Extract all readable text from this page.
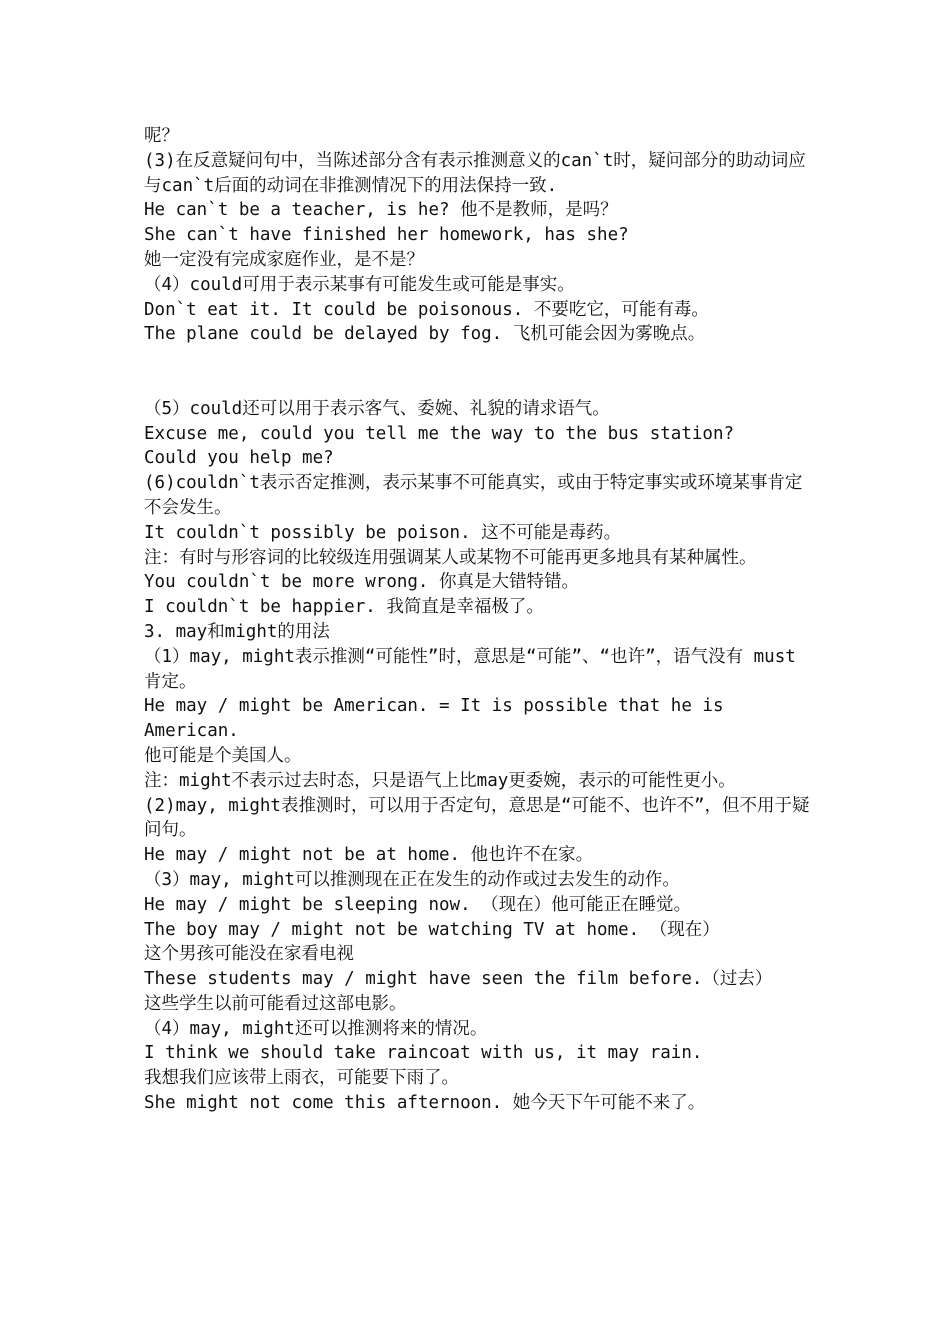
呢？

(3)在反意疑问句中，当陈述部分含有表示推测意义的can`t时，疑问部分的助动词应与can`t后面的动词在非推测情况下的用法保持一致.

He can`t be a teacher, is he? 他不是教师，是吗？

She can`t have finished her homework, has she?

她一定没有完成家庭作业，是不是？

（4）could可用于表示某事有可能发生或可能是事实。

Don`t eat it. It could be poisonous. 不要吃它，可能有毒。

The plane could be delayed by fog. 飞机可能会因为雾晚点。

（5）could还可以用于表示客气、委婉、礼貌的请求语气。

Excuse me, could you tell me the way to the bus station?

Could you help me?

(6)couldn`t表示否定推测，表示某事不可能真实，或由于特定事实或环境某事肯定不会发生。

It couldn`t possibly be poison. 这不可能是毒药。

注：有时与形容词的比较级连用强调某人或某物不可能再更多地具有某种属性。

You couldn`t be more wrong. 你真是大错特错。

I couldn`t be happier. 我简直是幸福极了。

3. may和might的用法

（1）may, might表示推测“可能性”时，意思是“可能”、“也许”，语气没有 must肯定。

He may / might be American. = It is possible that he is American.

他可能是个美国人。

注：might不表示过去时态，只是语气上比may更委婉，表示的可能性更小。

(2)may, might表推测时，可以用于否定句，意思是“可能不、也许不”，但不用于疑问句。

He may / might not be at home. 他也许不在家。

（3）may, might可以推测现在正在发生的动作或过去发生的动作。

He may / might be sleeping now. （现在）他可能正在睡觉。

The boy may / might not be watching TV at home. （现在）

这个男孩可能没在家看电视

These students may / might have seen the film before.（过去）

这些学生以前可能看过这部电影。

（4）may, might还可以推测将来的情况。

I think we should take raincoat with us, it may rain.

我想我们应该带上雨衣，可能要下雨了。

She might not come this afternoon. 她今天下午可能不来了。
